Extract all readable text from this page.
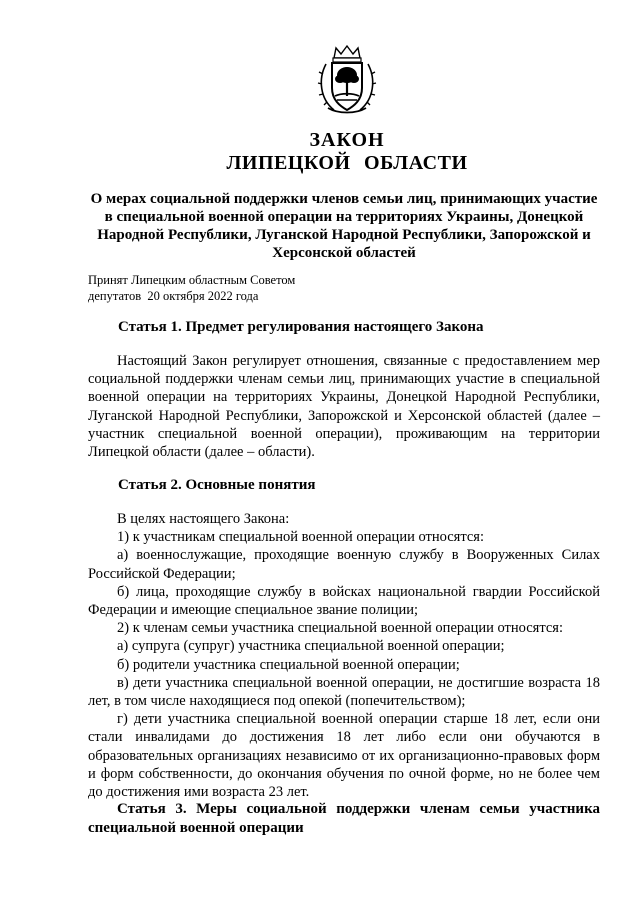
ЗАКОН
ЛИПЕЦКОЙ ОБЛАСТИ
О мерах социальной поддержки членов семьи лиц, принимающих участие в специальной военной операции на территориях Украины, Донецкой Народной Республики, Луганской Народной Республики, Запорожской и Херсонской областей
Принят Липецким областным Советом
депутатов  20 октября 2022 года
Статья 1. Предмет регулирования настоящего Закона
Настоящий Закон регулирует отношения, связанные с предоставлением мер социальной поддержки членам семьи лиц, принимающих участие в специальной военной операции на территориях Украины, Донецкой Народной Республики, Луганской Народной Республики, Запорожской и Херсонской областей (далее – участник специальной военной операции), проживающим на территории Липецкой области (далее – области).
Статья 2. Основные понятия
В целях настоящего Закона:
1) к участникам специальной военной операции относятся:
а) военнослужащие, проходящие военную службу в Вооруженных Силах Российской Федерации;
б) лица, проходящие службу в войсках национальной гвардии Российской Федерации и имеющие специальное звание полиции;
2) к членам семьи участника специальной военной операции относятся:
а) супруга (супруг) участника специальной военной операции;
б) родители участника специальной военной операции;
в) дети участника специальной военной операции, не достигшие возраста 18 лет, в том числе находящиеся под опекой (попечительством);
г) дети участника специальной военной операции старше 18 лет, если они стали инвалидами до достижения 18 лет либо если они обучаются в образовательных организациях независимо от их организационно-правовых форм и форм собственности, до окончания обучения по очной форме, но не более чем до достижения ими возраста 23 лет.
Статья 3. Меры социальной поддержки членам семьи участника специальной военной операции
